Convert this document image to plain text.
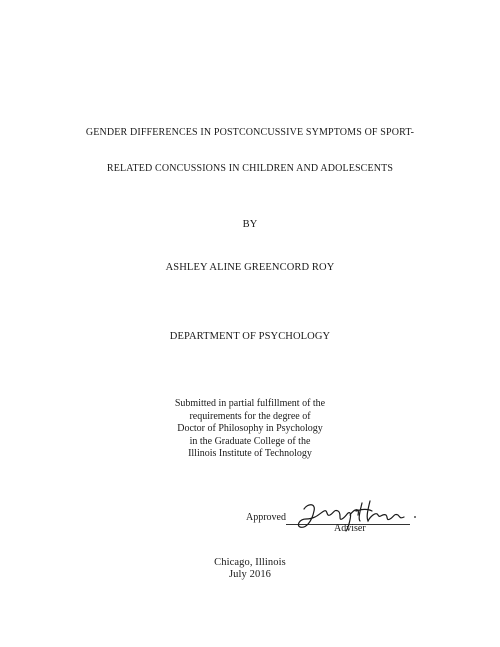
GENDER DIFFERENCES IN POSTCONCUSSIVE SYMPTOMS OF SPORT-
RELATED CONCUSSIONS IN CHILDREN AND ADOLESCENTS
BY
ASHLEY ALINE GREENCORD ROY
DEPARTMENT OF PSYCHOLOGY
Submitted in partial fulfillment of the
requirements for the degree of
Doctor of Philosophy in Psychology
in the Graduate College of the
Illinois Institute of Technology
Approved
Adviser
Chicago, Illinois
July 2016
